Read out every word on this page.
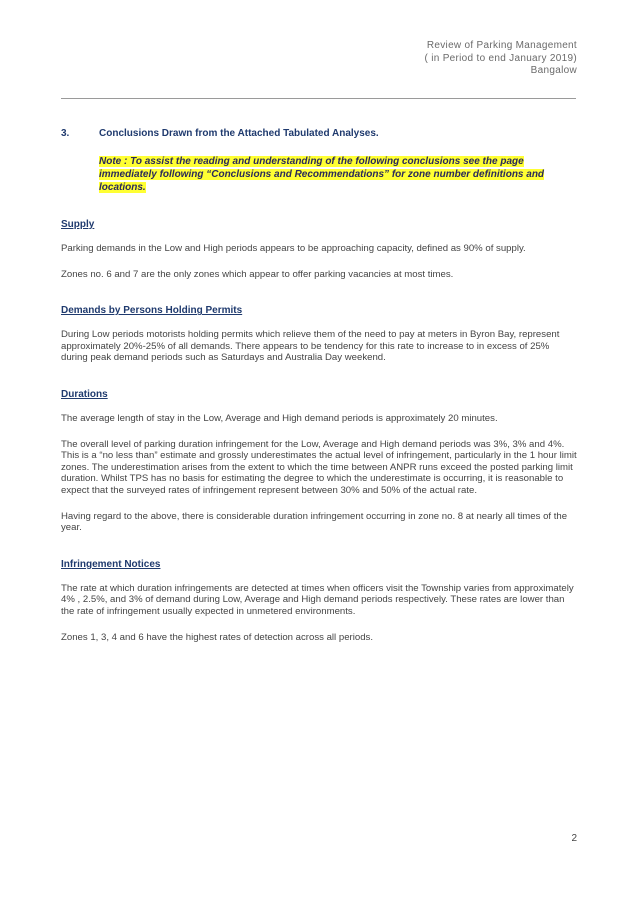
Review of Parking Management
( in Period to end January 2019)
Bangalow
3.	Conclusions Drawn from the Attached Tabulated Analyses.
Note : To assist the reading and understanding of the following conclusions see the page immediately following “Conclusions and Recommendations” for zone number definitions and locations.
Supply

Parking demands in the Low and High periods appears to be approaching capacity, defined as 90% of supply.

Zones no. 6 and 7 are the only zones which appear to offer parking vacancies at most times.

Demands by Persons Holding Permits

During Low periods motorists holding permits which relieve them of the need to pay at meters in Byron Bay, represent approximately 20%-25% of all demands. There appears to be tendency for this rate to increase to in excess of 25% during peak demand periods such as Saturdays and Australia Day weekend.

Durations

The average length of stay in the Low, Average and High demand periods is approximately 20 minutes.

The overall level of parking duration infringement for the Low, Average and High demand periods was 3%, 3% and 4%. This is a “no less than” estimate and grossly underestimates the actual level of infringement, particularly in the 1 hour limit zones. The underestimation arises from the extent to which the time between ANPR runs exceed the posted parking limit duration. Whilst TPS has no basis for estimating the degree to which the underestimate is occurring, it is reasonable to expect that the surveyed rates of infringement represent between 30% and 50% of the actual rate.

Having regard to the above, there is considerable duration infringement occurring in zone no. 8 at nearly all times of the year.

Infringement Notices

The rate at which duration infringements are detected at times when officers visit the Township varies from approximately 4% , 2.5%, and 3% of demand during Low, Average and High demand periods respectively. These rates are lower than the rate of infringement usually expected in unmetered environments.

Zones 1, 3, 4 and 6 have the highest rates of detection across all periods.

2
